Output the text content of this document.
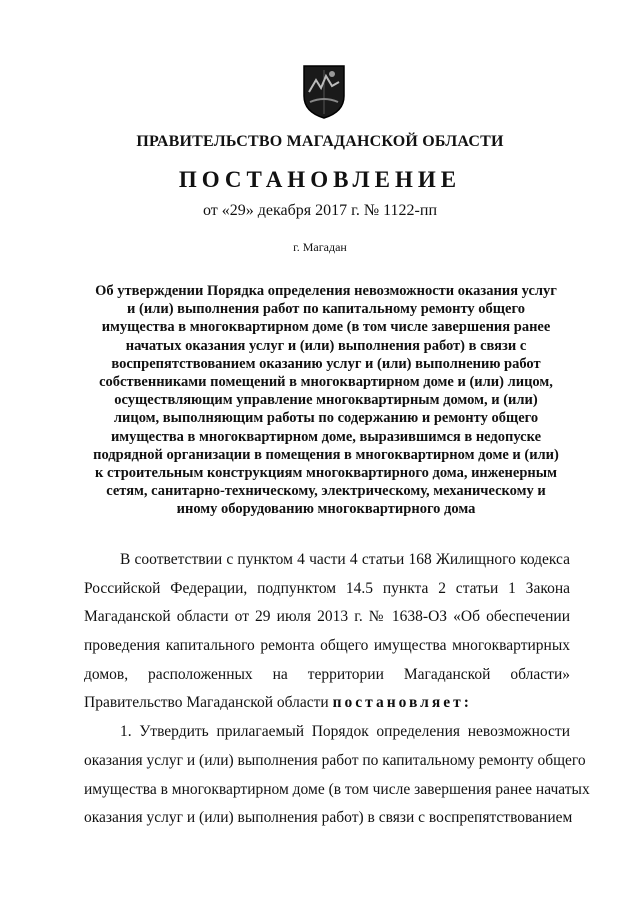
ПРАВИТЕЛЬСТВО МАГАДАНСКОЙ ОБЛАСТИ
ПОСТАНОВЛЕНИЕ
от «29» декабря 2017 г. № 1122-пп
г. Магадан
Об утверждении Порядка определения невозможности оказания услуг
и (или) выполнения работ по капитальному ремонту общего
имущества в многоквартирном доме (в том числе завершения ранее
начатых оказания услуг и (или) выполнения работ) в связи с
воспрепятствованием оказанию услуг и (или) выполнению работ
собственниками помещений в многоквартирном доме и (или) лицом,
осуществляющим управление многоквартирным домом, и (или)
лицом, выполняющим работы по содержанию и ремонту общего
имущества в многоквартирном доме, выразившимся в недопуске
подрядной организации в помещения в многоквартирном доме и (или)
к строительным конструкциям многоквартирного дома, инженерным
сетям, санитарно-техническому, электрическому, механическому и
иному оборудованию многоквартирного дома
В соответствии с пунктом 4 части 4 статьи 168 Жилищного кодекса
Российской Федерации, подпунктом 14.5 пункта 2 статьи 1 Закона
Магаданской области от 29 июля 2013 г. № 1638-ОЗ «Об обеспечении
проведения капитального ремонта общего имущества многоквартирных
домов, расположенных на территории Магаданской области»
Правительство Магаданской области постановляет:
1. Утвердить прилагаемый Порядок определения невозможности
оказания услуг и (или) выполнения работ по капитальному ремонту общего
имущества в многоквартирном доме (в том числе завершения ранее начатых
оказания услуг и (или) выполнения работ) в связи с воспрепятствованием
